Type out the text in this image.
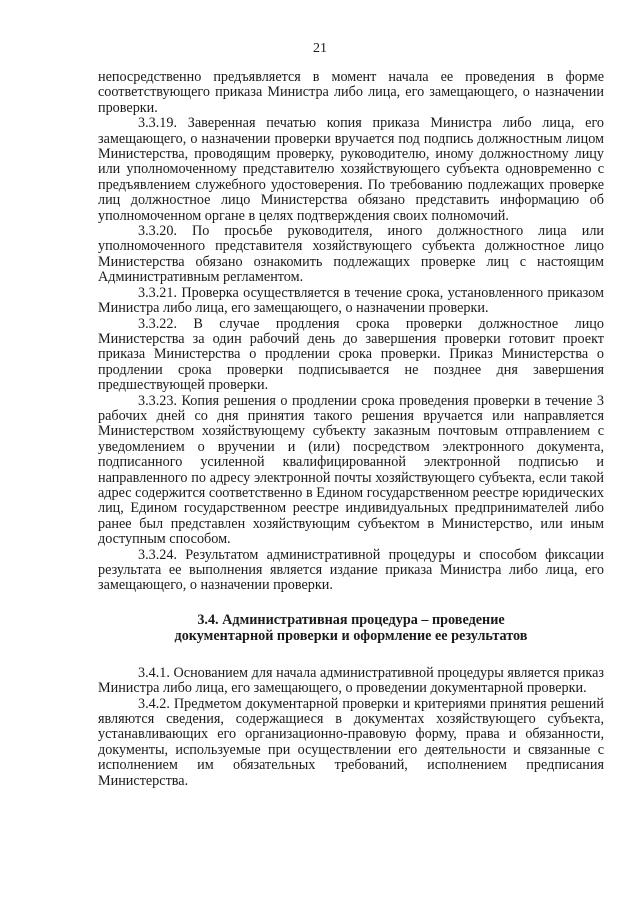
21

непосредственно предъявляется в момент начала ее проведения в форме соответствующего приказа Министра либо лица, его замещающего, о назначении проверки.

3.3.19. Заверенная печатью копия приказа Министра либо лица, его замещающего, о назначении проверки вручается под подпись должностным лицом Министерства, проводящим проверку, руководителю, иному должностному лицу или уполномоченному представителю хозяйствующего субъекта одновременно с предъявлением служебного удостоверения. По требованию подлежащих проверке лиц должностное лицо Министерства обязано представить информацию об уполномоченном органе в целях подтверждения своих полномочий.

3.3.20. По просьбе руководителя, иного должностного лица или уполномоченного представителя хозяйствующего субъекта должностное лицо Министерства обязано ознакомить подлежащих проверке лиц с настоящим Административным регламентом.

3.3.21. Проверка осуществляется в течение срока, установленного приказом Министра либо лица, его замещающего, о назначении проверки.

3.3.22. В случае продления срока проверки должностное лицо Министерства за один рабочий день до завершения проверки готовит проект приказа Министерства о продлении срока проверки. Приказ Министерства о продлении срока проверки подписывается не позднее дня завершения предшествующей проверки.

3.3.23. Копия решения о продлении срока проведения проверки в течение 3 рабочих дней со дня принятия такого решения вручается или направляется Министерством хозяйствующему субъекту заказным почтовым отправлением с уведомлением о вручении и (или) посредством электронного документа, подписанного усиленной квалифицированной электронной подписью и направленного по адресу электронной почты хозяйствующего субъекта, если такой адрес содержится соответственно в Едином государственном реестре юридических лиц, Едином государственном реестре индивидуальных предпринимателей либо ранее был представлен хозяйствующим субъектом в Министерство, или иным доступным способом.

3.3.24. Результатом административной процедуры и способом фиксации результата ее выполнения является издание приказа Министра либо лица, его замещающего, о назначении проверки.

3.4. Административная процедура – проведение
документарной проверки и оформление ее результатов

3.4.1. Основанием для начала административной процедуры является приказ Министра либо лица, его замещающего, о проведении документарной проверки.

3.4.2. Предметом документарной проверки и критериями принятия решений являются сведения, содержащиеся в документах хозяйствующего субъекта, устанавливающих его организационно-правовую форму, права и обязанности, документы, используемые при осуществлении его деятельности и связанные с исполнением им обязательных требований, исполнением предписания Министерства.
